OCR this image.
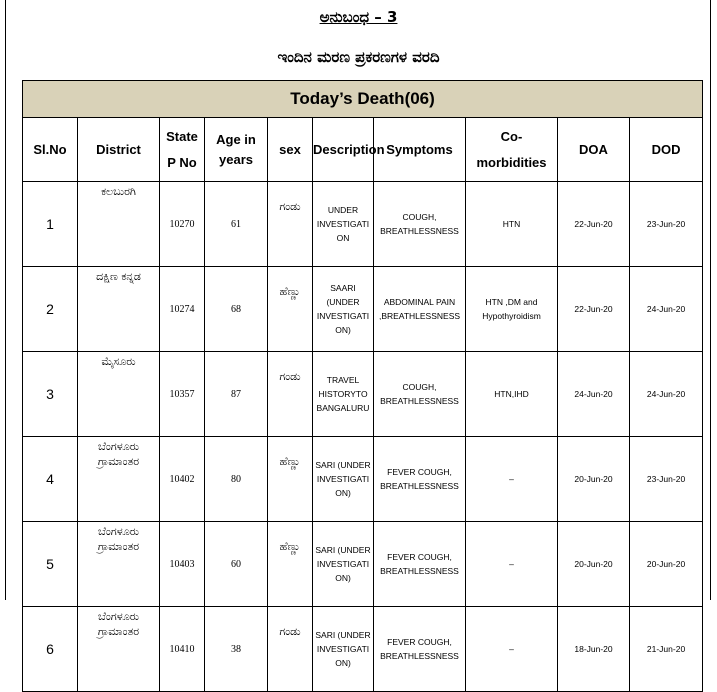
ಅನುಬಂಧ – 3
ಇಂದಿನ ಮರಣ ಪ್ರಕರಣಗಳ ವರದಿ
Today’s Death(06)									
Sl.No	District	State P No	Age in years	sex	Description	Symptoms	Co-morbidities	DOA	DOD
1	ಕಲಬುರಗಿ	10270	61	ಗಂಡು	UNDER INVESTIGATI ON	COUGH, BREATHLESSNESS	HTN	22-Jun-20	23-Jun-20
2	ದಕ್ಷಿಣ ಕನ್ನಡ	10274	68	ಹೆಣ್ಣು	SAARI (UNDER INVESTIGATI ON)	ABDOMINAL PAIN ,BREATHLESSNESS	HTN ,DM and Hypothyroidism	22-Jun-20	24-Jun-20
3	ಮೈಸೂರು	10357	87	ಗಂಡು	TRAVEL HISTORYTO BANGALURU	COUGH, BREATHLESSNESS	HTN,IHD	24-Jun-20	24-Jun-20
4	ಬೆಂಗಳೂರು ಗ್ರಾಮಾಂತರ	10402	80	ಹೆಣ್ಣು	SARI (UNDER INVESTIGATI ON)	FEVER COUGH, BREATHLESSNESS	–	20-Jun-20	23-Jun-20
5	ಬೆಂಗಳೂರು ಗ್ರಾಮಾಂತರ	10403	60	ಹೆಣ್ಣು	SARI (UNDER INVESTIGATI ON)	FEVER COUGH, BREATHLESSNESS	–	20-Jun-20	20-Jun-20
6	ಬೆಂಗಳೂರು ಗ್ರಾಮಾಂತರ	10410	38	ಗಂಡು	SARI (UNDER INVESTIGATI ON)	FEVER COUGH, BREATHLESSNESS	–	18-Jun-20	21-Jun-20
